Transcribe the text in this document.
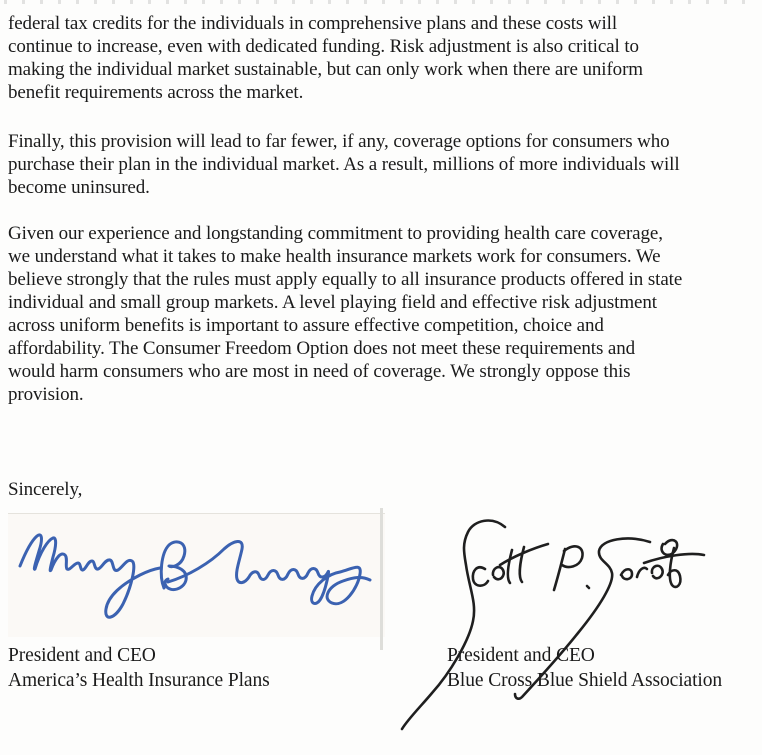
federal tax credits for the individuals in comprehensive plans and these costs will
continue to increase, even with dedicated funding. Risk adjustment is also critical to
making the individual market sustainable, but can only work when there are uniform
benefit requirements across the market.
Finally, this provision will lead to far fewer, if any, coverage options for consumers who
purchase their plan in the individual market. As a result, millions of more individuals will
become uninsured.
Given our experience and longstanding commitment to providing health care coverage,
we understand what it takes to make health insurance markets work for consumers. We
believe strongly that the rules must apply equally to all insurance products offered in state
individual and small group markets. A level playing field and effective risk adjustment
across uniform benefits is important to assure effective competition, choice and
affordability. The Consumer Freedom Option does not meet these requirements and
would harm consumers who are most in need of coverage. We strongly oppose this
provision.
Sincerely,
President and CEO
America’s Health Insurance Plans
President and CEO
Blue Cross Blue Shield Association
